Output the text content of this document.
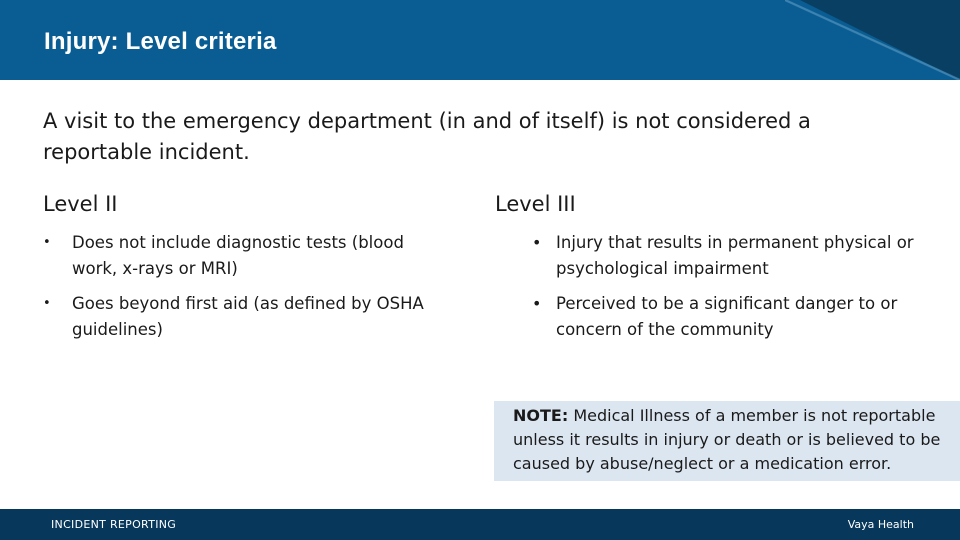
Injury: Level criteria

A visit to the emergency department (in and of itself) is not considered a reportable incident.

Level II
• Does not include diagnostic tests (blood work, x-rays or MRI)
• Goes beyond first aid (as defined by OSHA guidelines)
Level III
• Injury that results in permanent physical or psychological impairment
• Perceived to be a significant danger to or concern of the community
NOTE: Medical Illness of a member is not reportable unless it results in injury or death or is believed to be caused by abuse/neglect or a medication error.
INCIDENT REPORTING	Vaya Health
